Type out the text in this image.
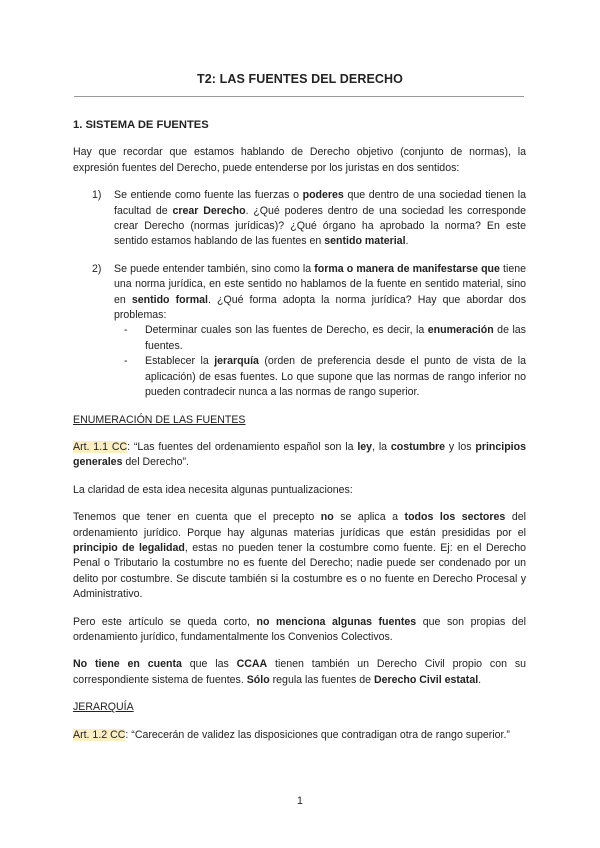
T2: LAS FUENTES DEL DERECHO

1. SISTEMA DE FUENTES

Hay que recordar que estamos hablando de Derecho objetivo (conjunto de normas), la expresión fuentes del Derecho, puede entenderse por los juristas en dos sentidos:

1)	Se entiende como fuente las fuerzas o poderes que dentro de una sociedad tienen la facultad de crear Derecho. ¿Qué poderes dentro de una sociedad les corresponde crear Derecho (normas jurídicas)? ¿Qué órgano ha aprobado la norma? En este sentido estamos hablando de las fuentes en sentido material.
2)	Se puede entender también, sino como la forma o manera de manifestarse que tiene una norma jurídica, en este sentido no hablamos de la fuente en sentido material, sino en sentido formal. ¿Qué forma adopta la norma jurídica? Hay que abordar dos problemas:
-	Determinar cuales son las fuentes de Derecho, es decir, la enumeración de las fuentes.
-	Establecer la jerarquía (orden de preferencia desde el punto de vista de la aplicación) de esas fuentes. Lo que supone que las normas de rango inferior no pueden contradecir nunca a las normas de rango superior.

ENUMERACIÓN DE LAS FUENTES

Art. 1.1 CC: “Las fuentes del ordenamiento español son la ley, la costumbre y los principios generales del Derecho”.

La claridad de esta idea necesita algunas puntualizaciones:

Tenemos que tener en cuenta que el precepto no se aplica a todos los sectores del ordenamiento jurídico. Porque hay algunas materias jurídicas que están presididas por el principio de legalidad, estas no pueden tener la costumbre como fuente. Ej: en el Derecho Penal o Tributario la costumbre no es fuente del Derecho; nadie puede ser condenado por un delito por costumbre. Se discute también si la costumbre es o no fuente en Derecho Procesal y Administrativo.

Pero este artículo se queda corto, no menciona algunas fuentes que son propias del ordenamiento jurídico, fundamentalmente los Convenios Colectivos.

No tiene en cuenta que las CCAA tienen también un Derecho Civil propio con su correspondiente sistema de fuentes. Sólo regula las fuentes de Derecho Civil estatal.

JERARQUÍA

Art. 1.2 CC: “Carecerán de validez las disposiciones que contradigan otra de rango superior.”

1
